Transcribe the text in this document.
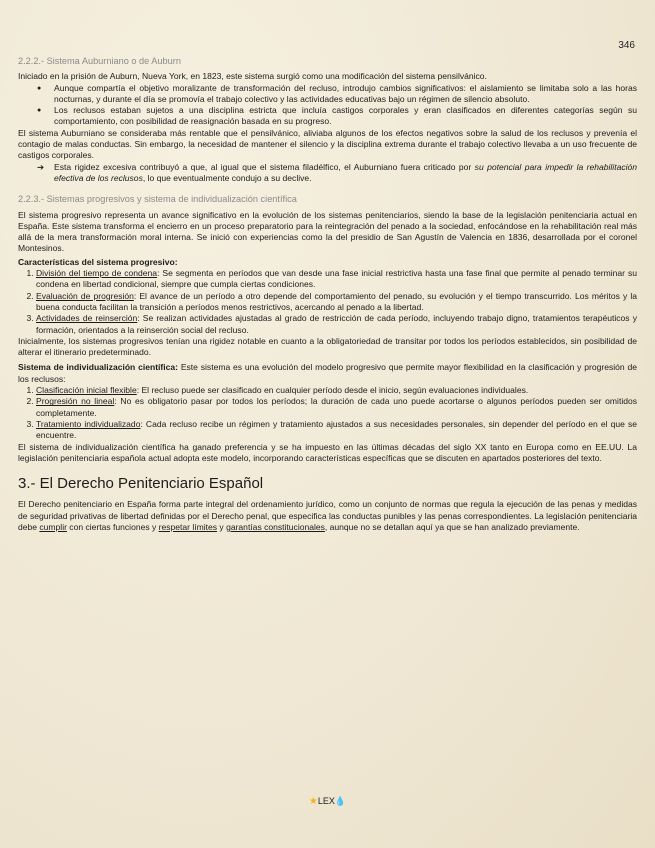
346
2.2.2.- Sistema Auburniano o de Auburn

Iniciado en la prisión de Auburn, Nueva York, en 1823, este sistema surgió como una modificación del sistema pensilvánico.

● Aunque compartía el objetivo moralizante de transformación del recluso, introdujo cambios significativos: el aislamiento se limitaba solo a las horas nocturnas, y durante el día se promovía el trabajo colectivo y las actividades educativas bajo un régimen de silencio absoluto.
● Los reclusos estaban sujetos a una disciplina estricta que incluía castigos corporales y eran clasificados en diferentes categorías según su comportamiento, con posibilidad de reasignación basada en su progreso.

El sistema Auburniano se consideraba más rentable que el pensilvánico, aliviaba algunos de los efectos negativos sobre la salud de los reclusos y prevenía el contagio de malas conductas. Sin embargo, la necesidad de mantener el silencio y la disciplina extrema durante el trabajo colectivo llevaba a un uso frecuente de castigos corporales.

➔ Esta rigidez excesiva contribuyó a que, al igual que el sistema filadélfico, el Auburniano fuera criticado por su potencial para impedir la rehabilitación efectiva de los reclusos, lo que eventualmente condujo a su declive.
2.2.3.- Sistemas progresivos y sistema de individualización científica

El sistema progresivo representa un avance significativo en la evolución de los sistemas penitenciarios, siendo la base de la legislación penitenciaria actual en España. Este sistema transforma el encierro en un proceso preparatorio para la reintegración del penado a la sociedad, enfocándose en la rehabilitación real más allá de la mera transformación moral interna. Se inició con experiencias como la del presidio de San Agustín de Valencia en 1836, desarrollada por el coronel Montesinos.

Características del sistema progresivo:
1. División del tiempo de condena: Se segmenta en períodos que van desde una fase inicial restrictiva hasta una fase final que permite al penado terminar su condena en libertad condicional, siempre que cumpla ciertas condiciones.
2. Evaluación de progresión: El avance de un período a otro depende del comportamiento del penado, su evolución y el tiempo transcurrido. Los méritos y la buena conducta facilitan la transición a períodos menos restrictivos, acercando al penado a la libertad.
3. Actividades de reinserción: Se realizan actividades ajustadas al grado de restricción de cada período, incluyendo trabajo digno, tratamientos terapéuticos y formación, orientados a la reinserción social del recluso.

Inicialmente, los sistemas progresivos tenían una rigidez notable en cuanto a la obligatoriedad de transitar por todos los períodos establecidos, sin posibilidad de alterar el itinerario predeterminado.

Sistema de individualización científica: Este sistema es una evolución del modelo progresivo que permite mayor flexibilidad en la clasificación y progresión de los reclusos:

1. Clasificación inicial flexible: El recluso puede ser clasificado en cualquier período desde el inicio, según evaluaciones individuales.
2. Progresión no lineal: No es obligatorio pasar por todos los períodos; la duración de cada uno puede acortarse o algunos períodos pueden ser omitidos completamente.
3. Tratamiento individualizado: Cada recluso recibe un régimen y tratamiento ajustados a sus necesidades personales, sin depender del período en el que se encuentre.

El sistema de individualización científica ha ganado preferencia y se ha impuesto en las últimas décadas del siglo XX tanto en Europa como en EE.UU. La legislación penitenciaria española actual adopta este modelo, incorporando características específicas que se discuten en apartados posteriores del texto.

3.- El Derecho Penitenciario Español

El Derecho penitenciario en España forma parte integral del ordenamiento jurídico, como un conjunto de normas que regula la ejecución de las penas y medidas de seguridad privativas de libertad definidas por el Derecho penal, que especifica las conductas punibles y las penas correspondientes. La legislación penitenciaria debe cumplir con ciertas funciones y respetar límites y garantías constitucionales, aunque no se detallan aquí ya que se han analizado previamente.

★LEX💧
